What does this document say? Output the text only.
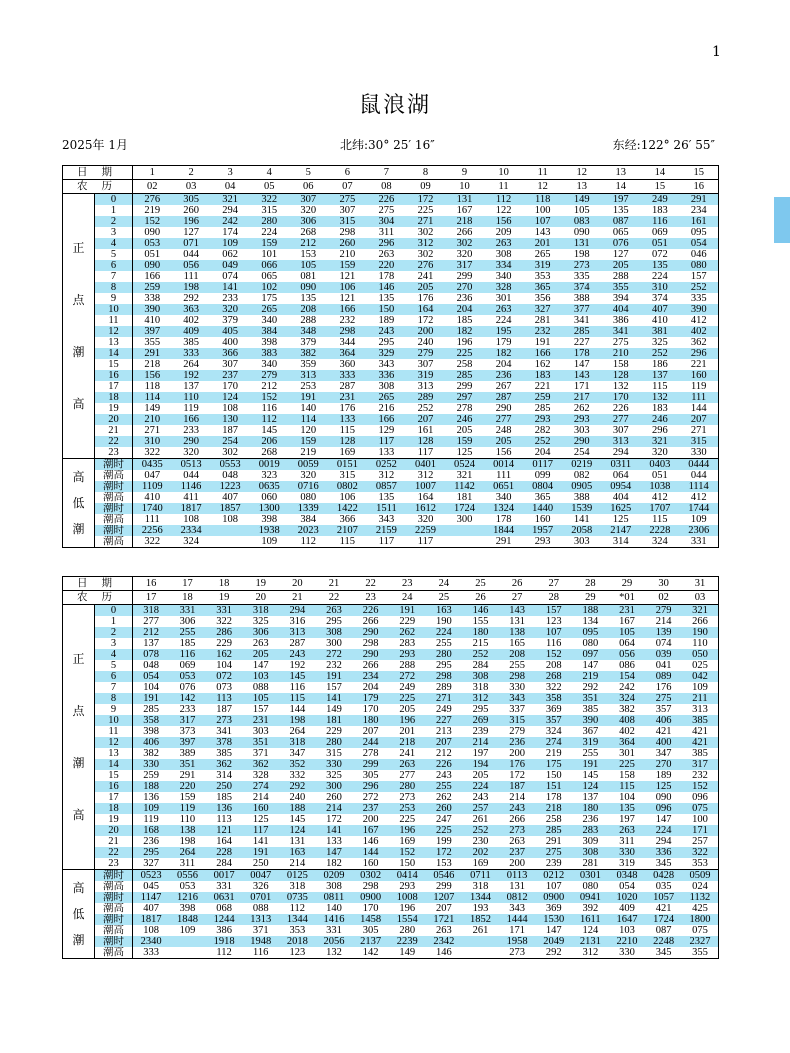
1
鼠浪湖
2025年 1月	北纬:30° 25′ 16″	东经:122° 26′ 55″
日期		1	2	3	4	5	6	7	8	9	10	11	12	13	14	15
农历		02	03	04	05	06	07	08	09	10	11	12	13	14	15	16

正
点
潮
高	0	276	305	321	322	307	275	226	172	131	112	118	149	197	249	291
	1	219	260	294	315	320	307	275	225	167	122	100	105	135	183	234
	2	152	196	242	280	306	315	304	271	218	156	107	083	087	116	161
	3	090	127	174	224	268	298	311	302	266	209	143	090	065	069	095
	4	053	071	109	159	212	260	296	312	302	263	201	131	076	051	054
	5	051	044	062	101	153	210	263	302	320	308	265	198	127	072	046
	6	090	056	049	066	105	159	220	276	317	334	319	273	205	135	080
	7	166	111	074	065	081	121	178	241	299	340	353	335	288	224	157
	8	259	198	141	102	090	106	146	205	270	328	365	374	355	310	252
	9	338	292	233	175	135	121	135	176	236	301	356	388	394	374	335
	10	390	363	320	265	208	166	150	164	204	263	327	377	404	407	390
	11	410	402	379	340	288	232	189	172	185	224	281	341	386	410	412
	12	397	409	405	384	348	298	243	200	182	195	232	285	341	381	402
	13	355	385	400	398	379	344	295	240	196	179	191	227	275	325	362
	14	291	333	366	383	382	364	329	279	225	182	166	178	210	252	296
	15	218	264	307	340	359	360	343	307	258	204	162	147	158	186	221
	16	156	192	237	279	313	333	336	319	285	236	183	143	128	137	160
	17	118	137	170	212	253	287	308	313	299	267	221	171	132	115	119
	18	114	110	124	152	191	231	265	289	297	287	259	217	170	132	111
	19	149	119	108	116	140	176	216	252	278	290	285	262	226	183	144
	20	210	166	130	112	114	133	166	207	246	277	293	293	277	246	207
	21	271	233	187	145	120	115	129	161	205	248	282	303	307	296	271
	22	310	290	254	206	159	128	117	128	159	205	252	290	313	321	315
	23	322	320	302	268	219	169	133	117	125	156	204	254	294	320	330

高
低
潮	潮时	0435	0513	0553	0019	0059	0151	0252	0401	0524	0014	0117	0219	0311	0403	0444
	潮高	047	044	048	323	320	315	312	312	321	111	099	082	064	051	044
	潮时	1109	1146	1223	0635	0716	0802	0857	1007	1142	0651	0804	0905	0954	1038	1114
	潮高	410	411	407	060	080	106	135	164	181	340	365	388	404	412	412
	潮时	1740	1817	1857	1300	1339	1422	1511	1612	1724	1324	1440	1539	1625	1707	1744
	潮高	111	108	108	398	384	366	343	320	300	178	160	141	125	115	109
	潮时	2256	2334		1938	2023	2107	2159	2259		1844	1957	2058	2147	2228	2306
	潮高	322	324		109	112	115	117	117		291	293	303	314	324	331
日期		16	17	18	19	20	21	22	23	24	25	26	27	28	29	30	31
农历		17	18	19	20	21	22	23	24	25	26	27	28	29	*01	02	03

正
点
潮
高	0	318	331	331	318	294	263	226	191	163	146	143	157	188	231	279	321
	1	277	306	322	325	316	295	266	229	190	155	131	123	134	167	214	266
	2	212	255	286	306	313	308	290	262	224	180	138	107	095	105	139	190
	3	137	185	229	263	287	300	298	283	255	215	165	116	080	064	074	110
	4	078	116	162	205	243	272	290	293	280	252	208	152	097	056	039	050
	5	048	069	104	147	192	232	266	288	295	284	255	208	147	086	041	025
	6	054	053	072	103	145	191	234	272	298	308	298	268	219	154	089	042
	7	104	076	073	088	116	157	204	249	289	318	330	322	292	242	176	109
	8	191	142	113	105	115	141	179	225	271	312	343	358	351	324	275	211
	9	285	233	187	157	144	149	170	205	249	295	337	369	385	382	357	313
	10	358	317	273	231	198	181	180	196	227	269	315	357	390	408	406	385
	11	398	373	341	303	264	229	207	201	213	239	279	324	367	402	421	421
	12	406	397	378	351	318	280	244	218	207	214	236	274	319	364	400	421
	13	382	389	385	371	347	315	278	241	212	197	200	219	255	301	347	385
	14	330	351	362	362	352	330	299	263	226	194	176	175	191	225	270	317
	15	259	291	314	328	332	325	305	277	243	205	172	150	145	158	189	232
	16	188	220	250	274	292	300	296	280	255	224	187	151	124	115	125	152
	17	136	159	185	214	240	260	272	273	262	243	214	178	137	104	090	096
	18	109	119	136	160	188	214	237	253	260	257	243	218	180	135	096	075
	19	119	110	113	125	145	172	200	225	247	261	266	258	236	197	147	100
	20	168	138	121	117	124	141	167	196	225	252	273	285	283	263	224	171
	21	236	198	164	141	131	133	146	169	199	230	263	291	309	311	294	257
	22	295	264	228	191	163	147	144	152	172	202	237	275	308	330	336	322
	23	327	311	284	250	214	182	160	150	153	169	200	239	281	319	345	353

高
低
潮	潮时	0523	0556	0017	0047	0125	0209	0302	0414	0546	0711	0113	0212	0301	0348	0428	0509
	潮高	045	053	331	326	318	308	298	293	299	318	131	107	080	054	035	024
	潮时	1147	1216	0631	0701	0735	0811	0900	1008	1207	1344	0812	0900	0941	1020	1057	1132
	潮高	407	398	068	088	112	140	170	196	207	193	343	369	392	409	421	425
	潮时	1817	1848	1244	1313	1344	1416	1458	1554	1721	1852	1444	1530	1611	1647	1724	1800
	潮高	108	109	386	371	353	331	305	280	263	261	171	147	124	103	087	075
	潮时	2340		1918	1948	2018	2056	2137	2239	2342		1958	2049	2131	2210	2248	2327
	潮高	333		112	116	123	132	142	149	146		273	292	312	330	345	355
